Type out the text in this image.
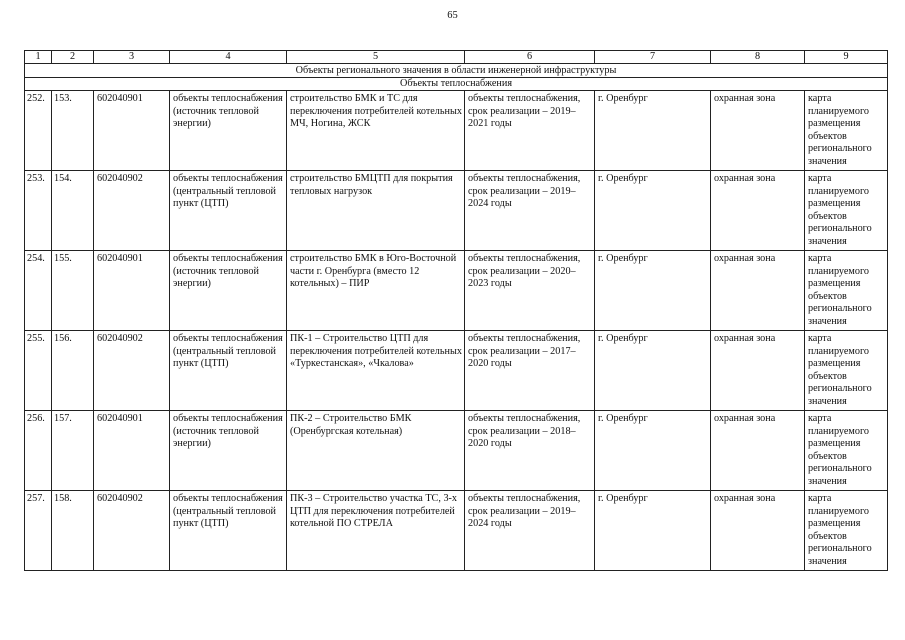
65
1	2	3	4	5	6	7	8	9
Объекты регионального значения в области инженерной инфраструктуры								
Объекты теплоснабжения								
252.	153.	602040901	объекты теплоснабжения (источник тепловой энергии)	строительство БМК и ТС для переключения потребителей котельных МЧ, Ногина, ЖСК	объекты теплоснабжения, срок реализации – 2019–2021 годы	г. Оренбург	охранная зона	карта планируемого размещения объектов регионального значения
253.	154.	602040902	объекты теплоснабжения (центральный тепловой пункт (ЦТП)	строительство БМЦТП для покрытия тепловых нагрузок	объекты теплоснабжения, срок реализации – 2019–2024 годы	г. Оренбург	охранная зона	карта планируемого размещения объектов регионального значения
254.	155.	602040901	объекты теплоснабжения (источник тепловой энергии)	строительство БМК в Юго-Восточной части г. Оренбурга (вместо 12 котельных) – ПИР	объекты теплоснабжения, срок реализации – 2020–2023 годы	г. Оренбург	охранная зона	карта планируемого размещения объектов регионального значения
255.	156.	602040902	объекты теплоснабжения (центральный тепловой пункт (ЦТП)	ПК-1 – Строительство ЦТП для переключения потребителей котельных «Туркестанская», «Чкалова»	объекты теплоснабжения, срок реализации – 2017–2020 годы	г. Оренбург	охранная зона	карта планируемого размещения объектов регионального значения
256.	157.	602040901	объекты теплоснабжения (источник тепловой энергии)	ПК-2 – Строительство БМК (Оренбургская котельная)	объекты теплоснабжения, срок реализации – 2018–2020 годы	г. Оренбург	охранная зона	карта планируемого размещения объектов регионального значения
257.	158.	602040902	объекты теплоснабжения (центральный тепловой пункт (ЦТП)	ПК-3 – Строительство участка ТС, 3-х ЦТП для переключения потребителей котельной ПО СТРЕЛА	объекты теплоснабжения, срок реализации – 2019–2024 годы	г. Оренбург	охранная зона	карта планируемого размещения объектов регионального значения
